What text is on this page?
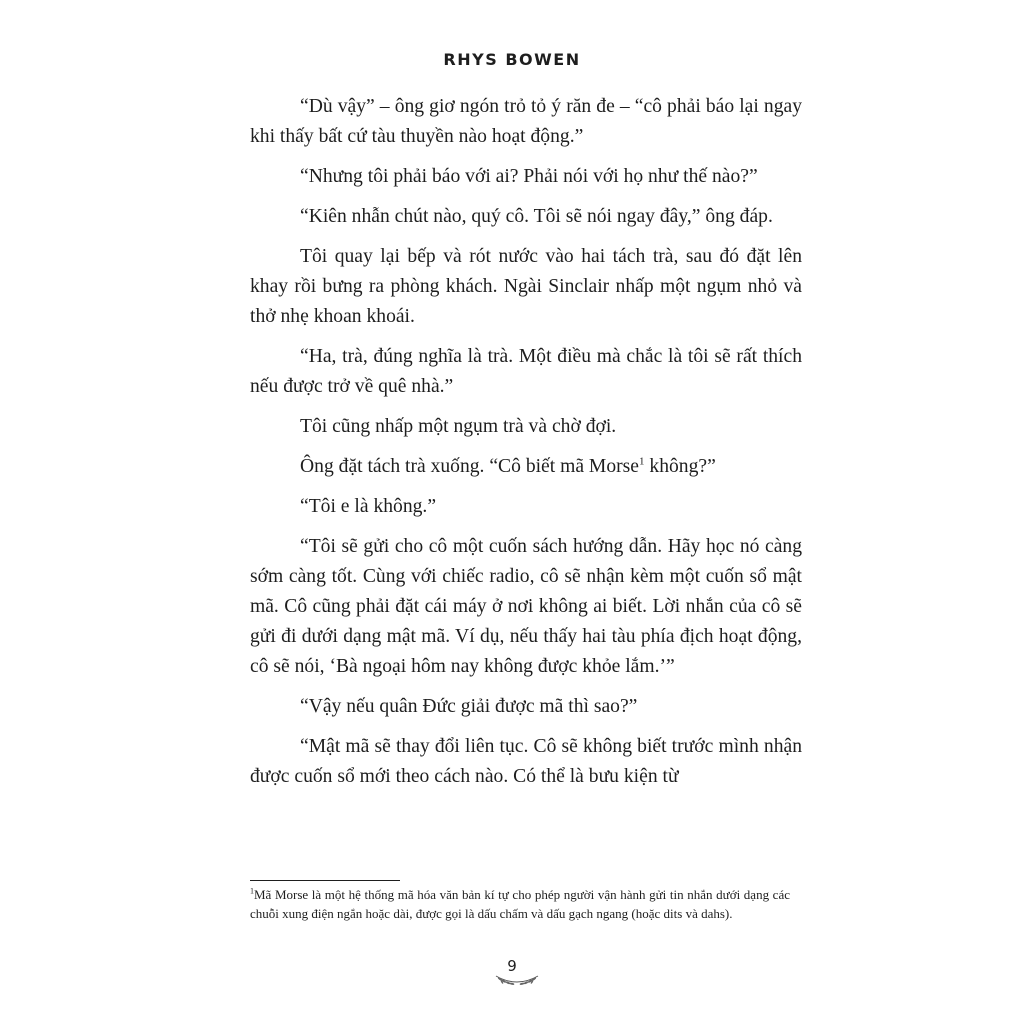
RHYS BOWEN

“Dù vậy” – ông giơ ngón trỏ tỏ ý răn đe – “cô phải báo lại ngay khi thấy bất cứ tàu thuyền nào hoạt động.”

“Nhưng tôi phải báo với ai? Phải nói với họ như thế nào?”

“Kiên nhẫn chút nào, quý cô. Tôi sẽ nói ngay đây,” ông đáp.

Tôi quay lại bếp và rót nước vào hai tách trà, sau đó đặt lên khay rồi bưng ra phòng khách. Ngài Sinclair nhấp một ngụm nhỏ và thở nhẹ khoan khoái.

“Ha, trà, đúng nghĩa là trà. Một điều mà chắc là tôi sẽ rất thích nếu được trở về quê nhà.”

Tôi cũng nhấp một ngụm trà và chờ đợi.

Ông đặt tách trà xuống. “Cô biết mã Morse$^1$ không?”

“Tôi e là không.”

“Tôi sẽ gửi cho cô một cuốn sách hướng dẫn. Hãy học nó càng sớm càng tốt. Cùng với chiếc radio, cô sẽ nhận kèm một cuốn sổ mật mã. Cô cũng phải đặt cái máy ở nơi không ai biết. Lời nhắn của cô sẽ gửi đi dưới dạng mật mã. Ví dụ, nếu thấy hai tàu phía địch hoạt động, cô sẽ nói, ‘Bà ngoại hôm nay không được khỏe lắm.’”

“Vậy nếu quân Đức giải được mã thì sao?”

“Mật mã sẽ thay đổi liên tục. Cô sẽ không biết trước mình nhận được cuốn sổ mới theo cách nào. Có thể là bưu kiện từ

$^1$Mã Morse là một hệ thống mã hóa văn bản kí tự cho phép người vận hành gửi tin nhắn dưới dạng các chuỗi xung điện ngắn hoặc dài, được gọi là dấu chấm và dấu gạch ngang (hoặc dits và dahs).
9
